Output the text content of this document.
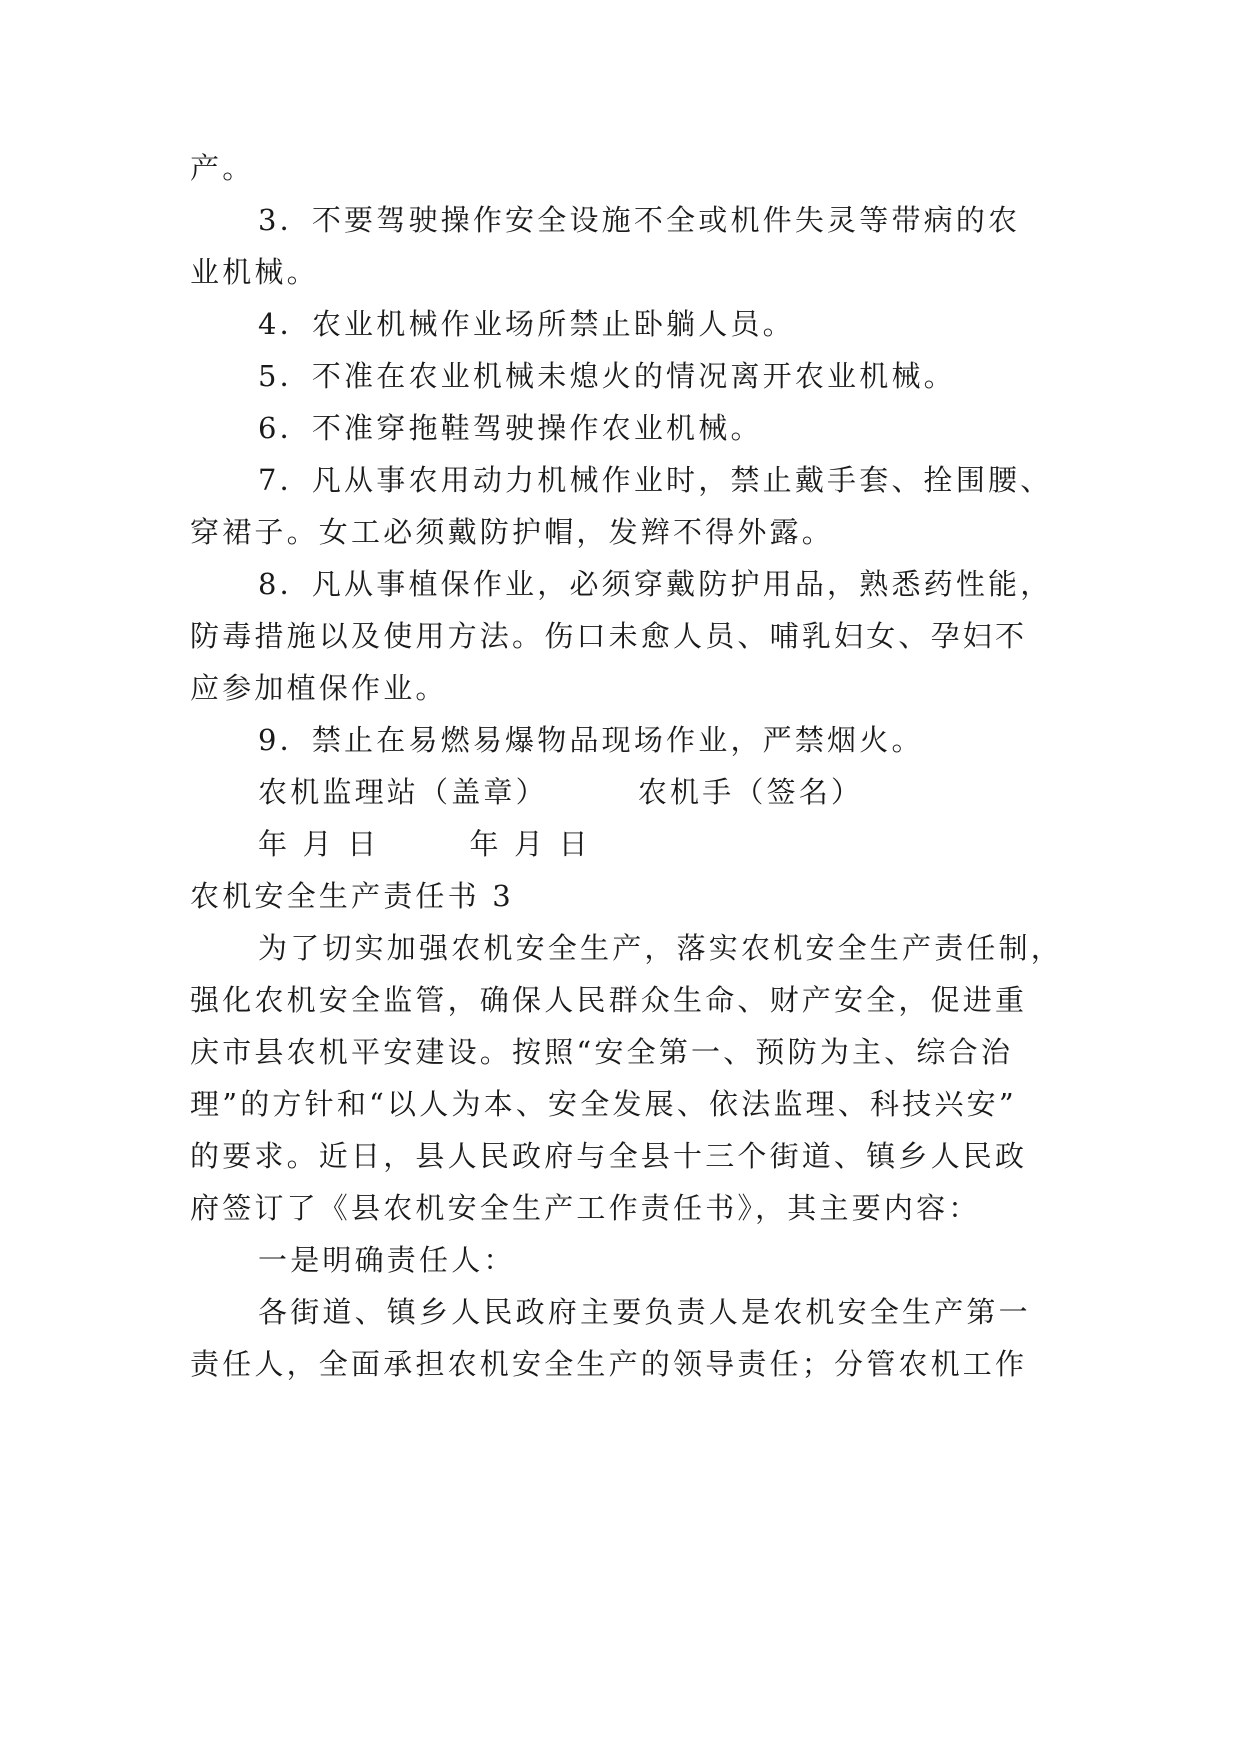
产。
3．不要驾驶操作安全设施不全或机件失灵等带病的农
业机械。
4．农业机械作业场所禁止卧躺人员。
5．不准在农业机械未熄火的情况离开农业机械。
6．不准穿拖鞋驾驶操作农业机械。
7．凡从事农用动力机械作业时，禁止戴手套、拴围腰、
穿裙子。女工必须戴防护帽，发辫不得外露。
8．凡从事植保作业，必须穿戴防护用品，熟悉药性能，
防毒措施以及使用方法。伤口未愈人员、哺乳妇女、孕妇不
应参加植保作业。
9．禁止在易燃易爆物品现场作业，严禁烟火。
农机监理站（盖章）	农机手（签名）
年 月 日	年 月 日
农机安全生产责任书 3
为了切实加强农机安全生产，落实农机安全生产责任制，
强化农机安全监管，确保人民群众生命、财产安全，促进重
庆市县农机平安建设。按照“安全第一、预防为主、综合治
理”的方针和“以人为本、安全发展、依法监理、科技兴安”
的要求。近日，县人民政府与全县十三个街道、镇乡人民政
府签订了《县农机安全生产工作责任书》，其主要内容：
一是明确责任人：
各街道、镇乡人民政府主要负责人是农机安全生产第一
责任人，全面承担农机安全生产的领导责任；分管农机工作
